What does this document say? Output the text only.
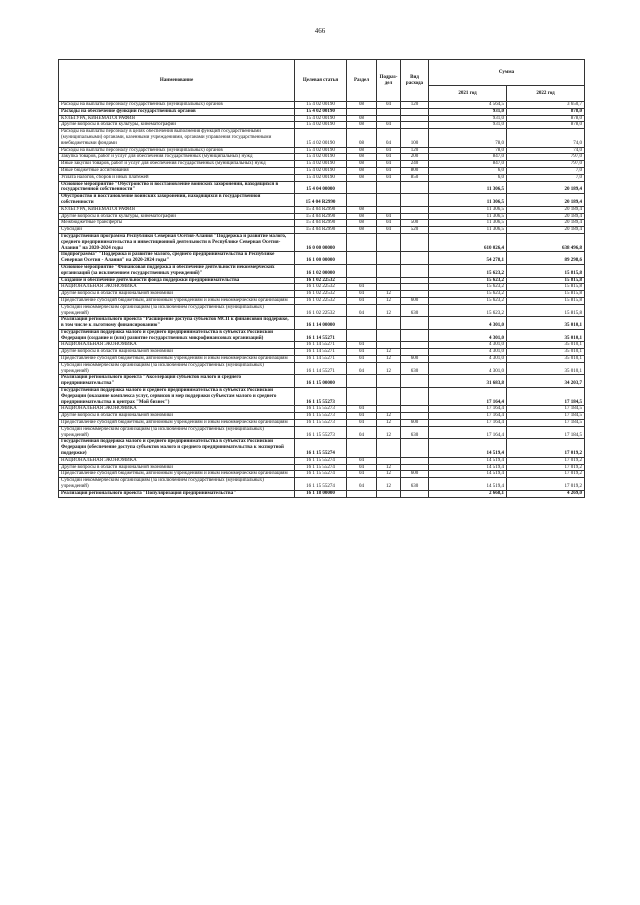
466
Наименование	Целевая статья	Раздел	Подраз-дел	Вид расхода	Сумма	
					2021 год	2022 год
Расходы на выплаты персоналу государственных (муниципальных) органов	15 4 02 00190	08	04	120	4 564,5	3 650,7
Расходы на обеспечение функций государственных органов	15 4 02 00190				931,0	878,0
КУЛЬТУРА, КИНЕМАТОГРАФИЯ	15 4 02 00190	08			931,0	878,0
Другие вопросы в области культуры, кинематографии	15 4 02 00190	08	04		931,0	878,0
Расходы на выплаты персоналу в целях обеспечения выполнения функций государственными (муниципальными) органами, казенными учреждениями, органами управления государственными внебюджетными фондами	15 4 02 00190	08	04	100	78,0	74,0
Расходы на выплаты персоналу государственных (муниципальных) органов	15 4 02 00190	08	04	120	78,0	74,0
Закупка товаров, работ и услуг для обеспечения государственных (муниципальных) нужд	15 4 02 00190	08	04	200	847,0	797,0
Иные закупки товаров, работ и услуг для обеспечения государственных (муниципальных) нужд	15 4 02 00190	08	04	240	847,0	797,0
Иные бюджетные ассигнования	15 4 02 00190	08	04	800	6,0	7,0
Уплата налогов, сборов и иных платежей	15 4 02 00190	08	04	850	6,0	7,0
Основное мероприятие "Обустройство и восстановление воинских захоронений, находящихся в государственной собственности"	15 4 04 00000				11 306,5	20 189,4
Обустройство и восстановление воинских захоронений, находящихся в государственной собственности	15 4 04 R2990				11 306,5	20 189,4
КУЛЬТУРА, КИНЕМАТОГРАФИЯ	15 4 04 R2990	08			11 306,5	20 189,4
Другие вопросы в области культуры, кинематографии	15 4 04 R2990	08	04		11 306,5	20 189,4
Межбюджетные трансферты	15 4 04 R2990	08	04	500	11 306,5	20 189,4
Субсидии	15 4 04 R2990	08	04	520	11 306,5	20 189,4
Государственная программа Республики Северная Осетия-Алания "Поддержка и развитие малого, среднего предпринимательства и инвестиционной деятельности в Республике Северная Осетия-Алания" на 2020-2024 годы	16 0 00 00000				610 026,4	638 496,8
Подпрограмма" "Поддержка и развитие малого, среднего предпринимательства в Республике Северная Осетия - Алания" на 2020-2024 годы"	16 1 00 00000				54 278,1	89 298,6
Основное мероприятие "Финансовая поддержка и обеспечение деятельности некоммерческих организаций (за исключением государственных учреждений)"	16 1 02 00000				15 623,2	15 815,8
Создание и обеспечение деятельности фонда поддержки предпринимательства	16 1 02 22532				15 623,2	15 815,8
НАЦИОНАЛЬНАЯ ЭКОНОМИКА	16 1 02 22532	04			15 623,2	15 815,8
Другие вопросы в области национальной экономики	16 1 02 22532	04	12		15 623,2	15 815,8
Предоставление субсидий бюджетным, автономным учреждениям и иным некоммерческим организациям	16 1 02 22532	04	12	600	15 623,2	15 815,8
Субсидии некоммерческим организациям (за исключением государственных (муниципальных) учреждений)	16 1 02 22532	04	12	630	15 623,2	15 815,8
Реализация регионального проекта "Расширение доступа субъектов МСП к финансовой поддержке, в том числе к льготному финансированию"	16 1 14 00000				4 301,0	35 010,1
Государственная поддержка малого и среднего предпринимательства в субъектах Российской Федерации (создание и (или) развитие государственных микрофинансовых организаций)	16 1 14 55271				4 301,0	35 010,1
НАЦИОНАЛЬНАЯ ЭКОНОМИКА	16 1 14 55271	04			4 301,0	35 010,1
Другие вопросы в области национальной экономики	16 1 14 55271	04	12		4 301,0	35 010,1
Предоставление субсидий бюджетным, автономным учреждениям и иным некоммерческим организациям	16 1 14 55271	04	12	600	4 301,0	35 010,1
Субсидии некоммерческим организациям (за исключением государственных (муниципальных) учреждений)	16 1 14 55271	04	12	630	4 301,0	35 010,1
Реализация регионального проекта "Акселерация субъектов малого и среднего предпринимательства"	16 1 15 00000				31 683,8	34 203,7
Государственная поддержка малого и среднего предпринимательства в субъектах Российской Федерации (оказание комплекса услуг, сервисов и мер поддержки субъектам малого и среднего предпринимательства в центрах "Мой бизнес")	16 1 15 55273				17 164,4	17 184,5
НАЦИОНАЛЬНАЯ ЭКОНОМИКА	16 1 15 55273	04			17 164,4	17 184,5
Другие вопросы в области национальной экономики	16 1 15 55273	04	12		17 164,4	17 184,5
Предоставление субсидий бюджетным, автономным учреждениям и иным некоммерческим организациям	16 1 15 55273	04	12	600	17 164,4	17 184,5
Субсидии некоммерческим организациям (за исключением государственных (муниципальных) учреждений)	16 1 15 55273	04	12	630	17 164,4	17 184,5
Государственная поддержка малого и среднего предпринимательства в субъектах Российской Федерации (обеспечение доступа субъектов малого и среднего предпринимательства к экспортной поддержке)	16 1 15 55274				14 519,4	17 019,2
НАЦИОНАЛЬНАЯ ЭКОНОМИКА	16 1 15 55274	04			14 519,4	17 019,2
Другие вопросы в области национальной экономики	16 1 15 55274	04	12		14 519,4	17 019,2
Предоставление субсидий бюджетным, автономным учреждениям и иным некоммерческим организациям	16 1 15 55274	04	12	600	14 519,4	17 019,2
Субсидии некоммерческим организациям (за исключением государственных (муниципальных) учреждений)	16 1 15 55274	04	12	630	14 519,4	17 019,2
Реализация регионального проекта "Популяризация предпринимательства"	16 1 18 00000				2 668,1	4 269,0
